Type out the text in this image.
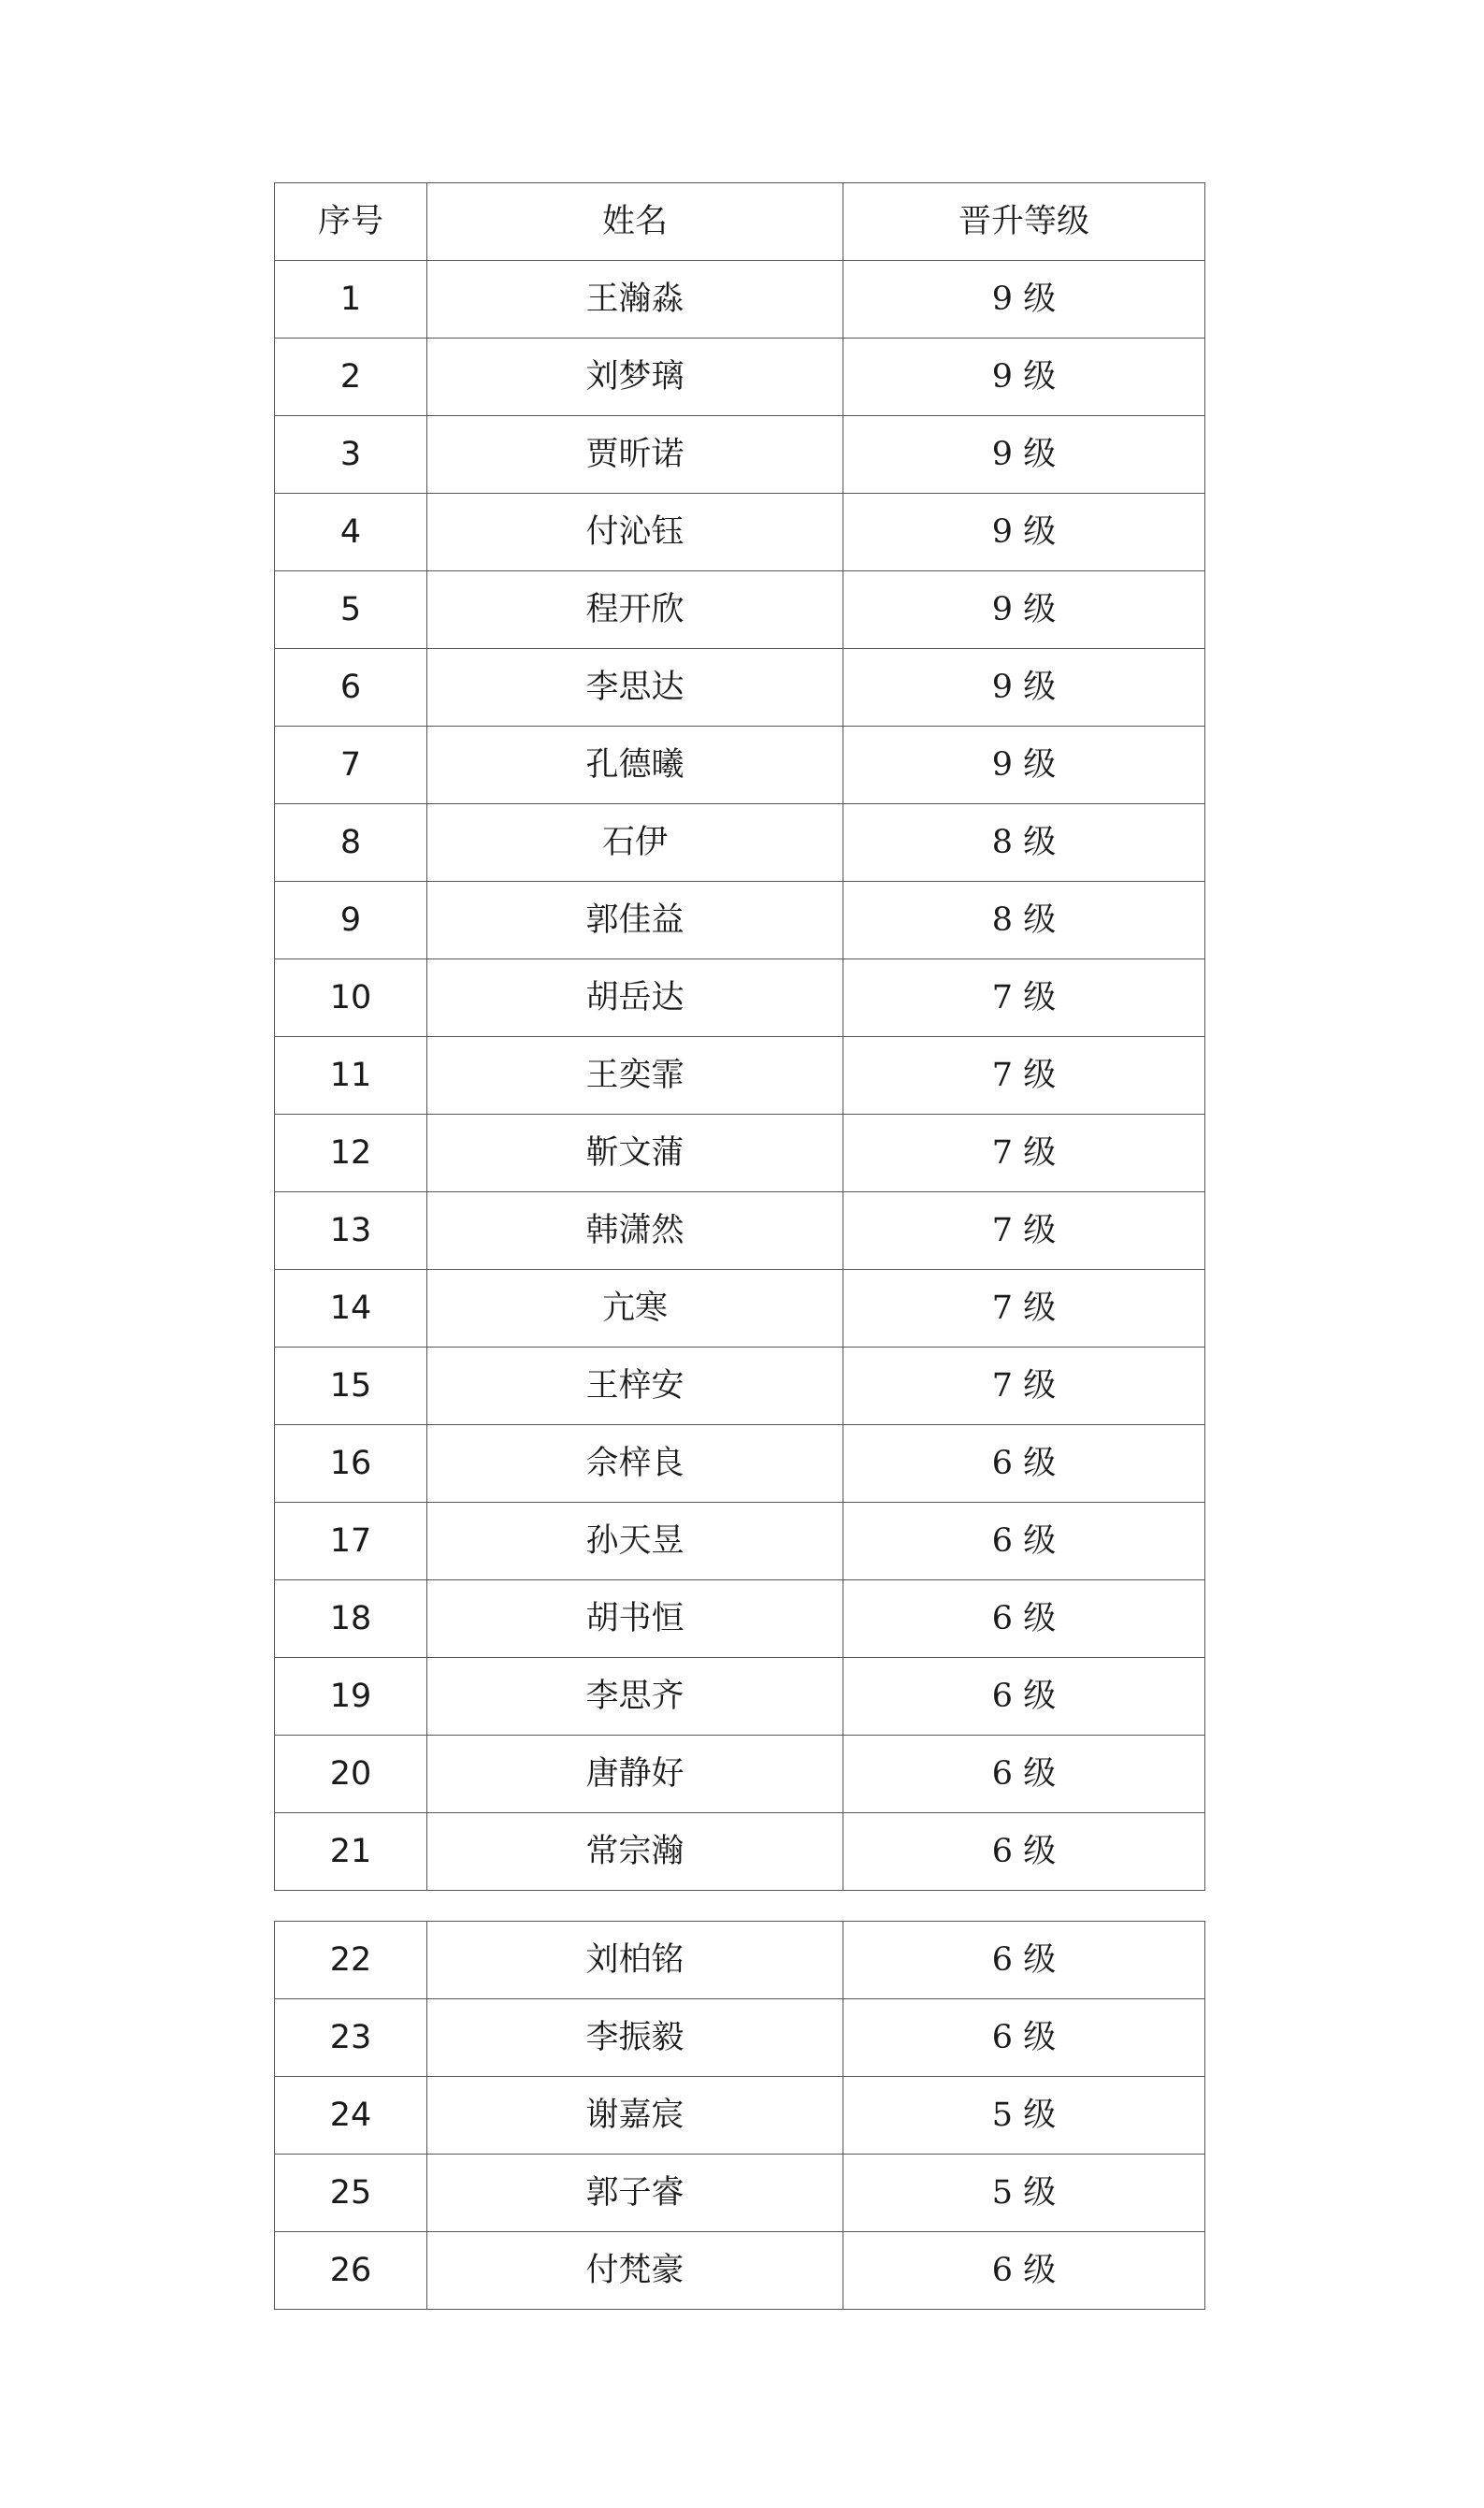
序号	姓名	晋升等级
1	王瀚淼	9 级
2	刘梦璃	9 级
3	贾昕诺	9 级
4	付沁钰	9 级
5	程开欣	9 级
6	李思达	9 级
7	孔德曦	9 级
8	石伊	8 级
9	郭佳益	8 级
10	胡岳达	7 级
11	王奕霏	7 级
12	靳文蒲	7 级
13	韩潇然	7 级
14	亢寒	7 级
15	王梓安	7 级
16	佘梓良	6 级
17	孙天昱	6 级
18	胡书恒	6 级
19	李思齐	6 级
20	唐静好	6 级
21	常宗瀚	6 级
22	刘柏铭	6 级
23	李振毅	6 级
24	谢嘉宸	5 级
25	郭子睿	5 级
26	付梵豪	6 级
